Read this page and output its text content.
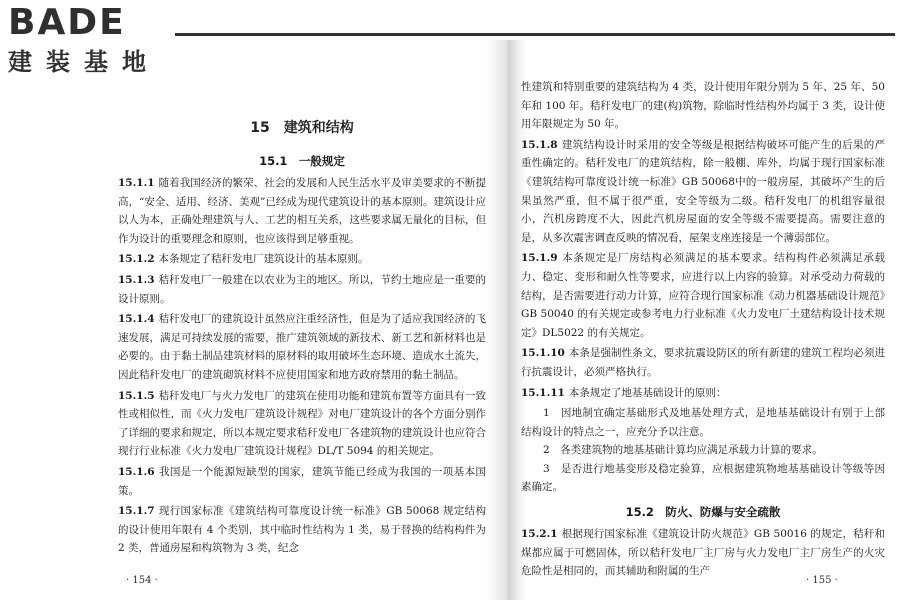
BADE
建装基地
15　建筑和结构
15.1　一般规定

15.1.1 随着我国经济的繁荣、社会的发展和人民生活水平及审美要求的不断提高，“安全、适用、经济、美观”已经成为现代建筑设计的基本原则。建筑设计应以人为本，正确处理建筑与人、工艺的相互关系，这些要求属无量化的目标，但作为设计的重要理念和原则，也应该得到足够重视。

15.1.2 本条规定了秸秆发电厂建筑设计的基本原则。

15.1.3 秸秆发电厂一般建在以农业为主的地区。所以，节约土地应是一重要的设计原则。

15.1.4 秸秆发电厂的建筑设计虽然应注重经济性，但是为了适应我国经济的飞速发展，满足可持续发展的需要，推广建筑领域的新技术、新工艺和新材料也是必要的。由于黏土制品建筑材料的原材料的取用破坏生态环境、造成水土流失，因此秸秆发电厂的建筑砌筑材料不应使用国家和地方政府禁用的黏土制品。

15.1.5 秸秆发电厂与火力发电厂的建筑在使用功能和建筑布置等方面具有一致性或相似性，而《火力发电厂建筑设计规程》对电厂建筑设计的各个方面分别作了详细的要求和规定，所以本规定要求秸秆发电厂各建筑物的建筑设计也应符合现行行业标准《火力发电厂建筑设计规程》DL/T 5094 的相关规定。

15.1.6 我国是一个能源短缺型的国家，建筑节能已经成为我国的一项基本国策。

15.1.7 现行国家标准《建筑结构可靠度设计统一标准》GB 50068 规定结构的设计使用年限有 4 个类别，其中临时性结构为 1 类，易于替换的结构构件为 2 类，普通房屋和构筑物为 3 类，纪念

· 154 ·

性建筑和特别重要的建筑结构为 4 类，设计使用年限分别为 5 年、25 年、50 年和 100 年。秸秆发电厂的建(构)筑物，除临时性结构外均属于 3 类，设计使用年限规定为 50 年。

15.1.8 建筑结构设计时采用的安全等级是根据结构破坏可能产生的后果的严重性确定的。秸秆发电厂的建筑结构，除一般棚、库外，均属于现行国家标准《建筑结构可靠度设计统一标准》GB 50068中的一般房屋，其破坏产生的后果虽然严重，但不属于很严重，安全等级为二级。秸秆发电厂的机组容量很小，汽机房跨度不大，因此汽机房屋面的安全等级不需要提高。需要注意的是，从多次震害调查反映的情况看，屋架支座连接是一个薄弱部位。

15.1.9 本条规定是厂房结构必须满足的基本要求。结构构件必须满足承载力、稳定、变形和耐久性等要求，应进行以上内容的验算。对承受动力荷载的结构，是否需要进行动力计算，应符合现行国家标准《动力机器基础设计规范》GB 50040 的有关规定或参考电力行业标准《火力发电厂土建结构设计技术规定》DL5022 的有关规定。

15.1.10 本条是强制性条文，要求抗震设防区的所有新建的建筑工程均必须进行抗震设计，必须严格执行。

15.1.11 本条规定了地基基础设计的原则：

1　因地制宜确定基础形式及地基处理方式，是地基基础设计有别于上部结构设计的特点之一，应充分予以注意。

2　各类建筑物的地基基础计算均应满足承载力计算的要求。

3　是否进行地基变形及稳定验算，应根据建筑物地基基础设计等级等因素确定。

15.2　防火、防爆与安全疏散

15.2.1 根据现行国家标准《建筑设计防火规范》GB 50016 的规定，秸秆和煤都应属于可燃固体，所以秸秆发电厂主厂房与火力发电厂主厂房生产的火灾危险性是相同的，而其辅助和附属的生产

· 155 ·
